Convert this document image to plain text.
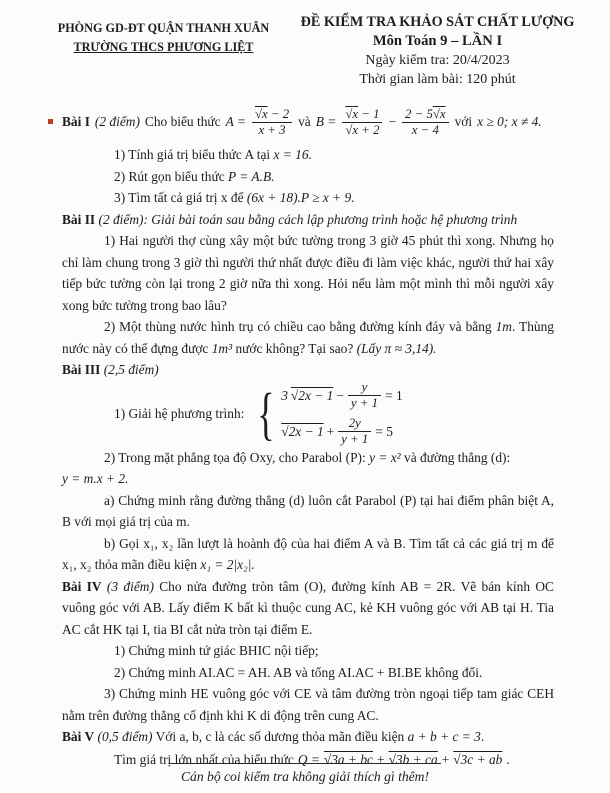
PHÒNG GD-ĐT QUẬN THANH XUÂN
TRƯỜNG THCS PHƯƠNG LIỆT
ĐỀ KIỂM TRA KHẢO SÁT CHẤT LƯỢNG
Môn Toán 9 – LẦN I
Ngày kiểm tra: 20/4/2023
Thời gian làm bài: 120 phút
Bài I (2 điểm) Cho biểu thức A = √ $\frac{\overline{x} - 2}{x + 3}$ và B = √ $\overline{x} - 1$
√ $\overline{x} + 2 - \frac{2 - 5 √ \overline{x}}{x - 4}$ với x ≥ 0; x ≠ 4.
1) Tính giá trị biểu thức A tại x = 16.
2) Rút gọn biểu thức P = A.B.
3) Tìm tất cả giá trị x để (6x + 18).P ≥ x + 9.
Bài II (2 điểm): Giải bài toán sau bằng cách lập phương trình hoặc hệ phương trình
1) Hai người thợ cùng xây một bức tường trong 3 giờ 45 phút thì xong. Nhưng họ chỉ làm chung trong 3 giờ thì người thứ nhất được điều đi làm việc khác, người thứ hai xây tiếp bức tường còn lại trong 2 giờ nữa thì xong. Hỏi nếu làm một mình thì mỗi người xây xong bức tường trong bao lâu?
2) Một thùng nước hình trụ có chiều cao bằng đường kính đáy và bằng 1m. Thùng nước này có thể đựng được 1m³ nước không? Tại sao? (Lấy π ≈ 3,14).
Bài III (2,5 điểm)
1) Giải hệ phương trình: { 3 √ $2x - 1 - \frac{y}{y + 1} = 1$
√ $2x - 1 + \frac{2y}{y + 1} = 5$
2) Trong mặt phẳng tọa độ Oxy, cho Parabol (P): y = x² và đường thẳng (d):
y = m.x + 2.
a) Chứng minh rằng đường thẳng (d) luôn cắt Parabol (P) tại hai điểm phân biệt A, B với mọi giá trị của m.
b) Gọi x₁, x₂ lần lượt là hoành độ của hai điểm A và B. Tìm tất cả các giá trị m để x₁, x₂ thỏa mãn điều kiện x₁ = 2|x₂|.
Bài IV (3 điểm) Cho nửa đường tròn tâm (O), đường kính AB = 2R. Vẽ bán kính OC vuông góc với AB. Lấy điểm K bất kì thuộc cung AC, kẻ KH vuông góc với AB tại H. Tia AC cắt HK tại I, tia BI cắt nửa tròn tại điểm E.
1) Chứng minh tứ giác BHIC nội tiếp;
2) Chứng minh AI.AC = AH. AB và tổng AI.AC + BI.BE không đổi.
3) Chứng minh HE vuông góc với CE và tâm đường tròn ngoại tiếp tam giác CEH nằm trên đường thẳng cố định khi K di động trên cung AC.
Bài V (0,5 điểm) Với a, b, c là các số dương thỏa mãn điều kiện a + b + c = 3.
Tìm giá trị lớn nhất của biểu thức Q = √ 3a + bc + √ 3b + ca + √ 3c + ab .
Cán bộ coi kiểm tra không giải thích gì thêm!
